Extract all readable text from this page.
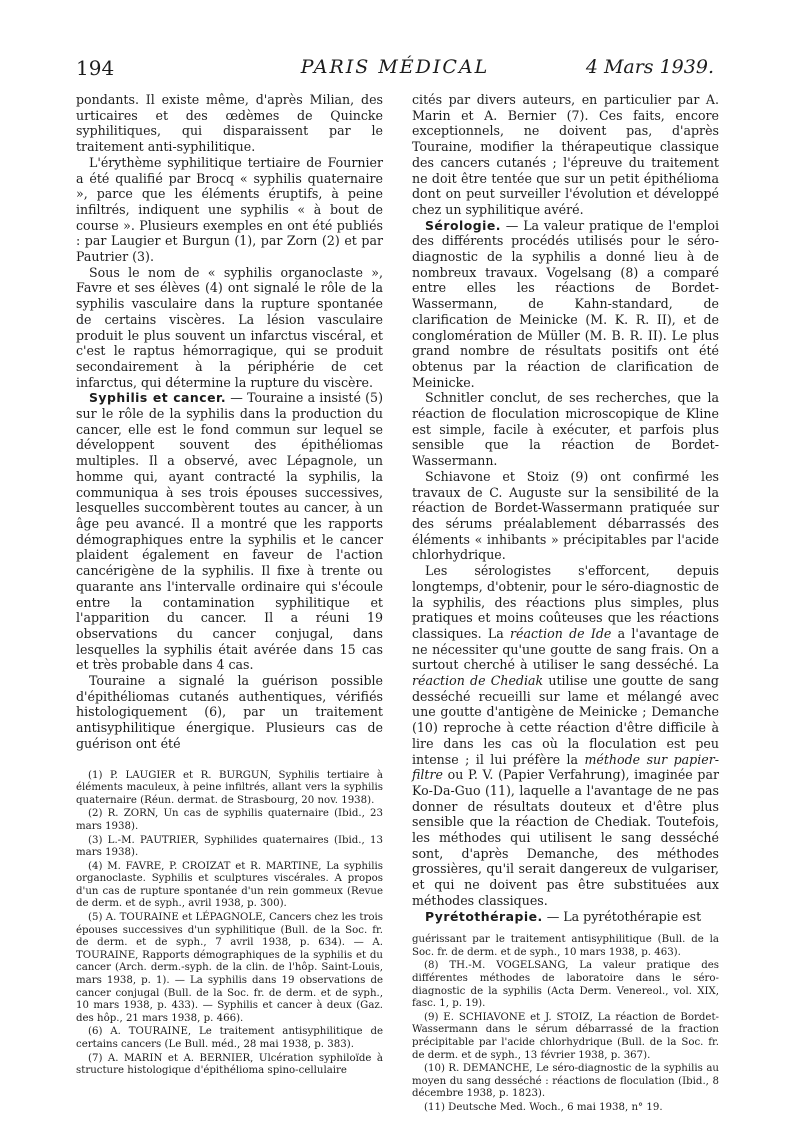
194	PARIS MÉDICAL	4 Mars 1939.

pondants. Il existe même, d'après Milian, des urticaires et des œdèmes de Quincke syphilitiques, qui disparaissent par le traitement anti-syphilitique.

L'érythème syphilitique tertiaire de Fournier a été qualifié par Brocq « syphilis quaternaire », parce que les éléments éruptifs, à peine infiltrés, indiquent une syphilis « à bout de course ». Plusieurs exemples en ont été publiés : par Laugier et Burgun (1), par Zorn (2) et par Pautrier (3).

Sous le nom de « syphilis organoclaste », Favre et ses élèves (4) ont signalé le rôle de la syphilis vasculaire dans la rupture spontanée de certains viscères. La lésion vasculaire produit le plus souvent un infarctus viscéral, et c'est le raptus hémorragique, qui se produit secondairement à la périphérie de cet infarctus, qui détermine la rupture du viscère.

Syphilis et cancer. — Touraine a insisté (5) sur le rôle de la syphilis dans la production du cancer, elle est le fond commun sur lequel se développent souvent des épithéliomas multiples. Il a observé, avec Lépagnole, un homme qui, ayant contracté la syphilis, la communiqua à ses trois épouses successives, lesquelles succombèrent toutes au cancer, à un âge peu avancé. Il a montré que les rapports démographiques entre la syphilis et le cancer plaident également en faveur de l'action cancérigène de la syphilis. Il fixe à trente ou quarante ans l'intervalle ordinaire qui s'écoule entre la contamination syphilitique et l'apparition du cancer. Il a réuni 19 observations du cancer conjugal, dans lesquelles la syphilis était avérée dans 15 cas et très probable dans 4 cas.

Touraine a signalé la guérison possible d'épithéliomas cutanés authentiques, vérifiés histologiquement (6), par un traitement antisyphilitique énergique. Plusieurs cas de guérison ont été

(1) P. LAUGIER et R. BURGUN, Syphilis tertiaire à éléments maculeux, à peine infiltrés, allant vers la syphilis quaternaire (Réun. dermat. de Strasbourg, 20 nov. 1938).

(2) R. ZORN, Un cas de syphilis quaternaire (Ibid., 23 mars 1938).

(3) L.-M. PAUTRIER, Syphilides quaternaires (Ibid., 13 mars 1938).

(4) M. FAVRE, P. CROIZAT et R. MARTINE, La syphilis organoclaste. Syphilis et sculptures viscérales. A propos d'un cas de rupture spontanée d'un rein gommeux (Revue de derm. et de syph., avril 1938, p. 300).

(5) A. TOURAINE et LÉPAGNOLE, Cancers chez les trois épouses successives d'un syphilitique (Bull. de la Soc. fr. de derm. et de syph., 7 avril 1938, p. 634). — A. TOURAINE, Rapports démographiques de la syphilis et du cancer (Arch. derm.-syph. de la clin. de l'hôp. Saint-Louis, mars 1938, p. 1). — La syphilis dans 19 observations de cancer conjugal (Bull. de la Soc. fr. de derm. et de syph., 10 mars 1938, p. 433). — Syphilis et cancer à deux (Gaz. des hôp., 21 mars 1938, p. 466).

(6) A. TOURAINE, Le traitement antisyphilitique de certains cancers (Le Bull. méd., 28 mai 1938, p. 383).

(7) A. MARIN et A. BERNIER, Ulcération syphiloïde à structure histologique d'épithélioma spino-cellulaire

cités par divers auteurs, en particulier par A. Marin et A. Bernier (7). Ces faits, encore exceptionnels, ne doivent pas, d'après Touraine, modifier la thérapeutique classique des cancers cutanés ; l'épreuve du traitement ne doit être tentée que sur un petit épithélioma dont on peut surveiller l'évolution et développé chez un syphilitique avéré.

Sérologie. — La valeur pratique de l'emploi des différents procédés utilisés pour le séro-diagnostic de la syphilis a donné lieu à de nombreux travaux. Vogelsang (8) a comparé entre elles les réactions de Bordet-Wassermann, de Kahn-standard, de clarification de Meinicke (M. K. R. II), et de conglomération de Müller (M. B. R. II). Le plus grand nombre de résultats positifs ont été obtenus par la réaction de clarification de Meinicke.

Schnitler conclut, de ses recherches, que la réaction de floculation microscopique de Kline est simple, facile à exécuter, et parfois plus sensible que la réaction de Bordet-Wassermann.

Schiavone et Stoiz (9) ont confirmé les travaux de C. Auguste sur la sensibilité de la réaction de Bordet-Wassermann pratiquée sur des sérums préalablement débarrassés des éléments « inhibants » précipitables par l'acide chlorhydrique.

Les sérologistes s'efforcent, depuis longtemps, d'obtenir, pour le séro-diagnostic de la syphilis, des réactions plus simples, plus pratiques et moins coûteuses que les réactions classiques. La réaction de Ide a l'avantage de ne nécessiter qu'une goutte de sang frais. On a surtout cherché à utiliser le sang desséché. La réaction de Chediak utilise une goutte de sang desséché recueilli sur lame et mélangé avec une goutte d'antigène de Meinicke ; Demanche (10) reproche à cette réaction d'être difficile à lire dans les cas où la floculation est peu intense ; il lui préfère la méthode sur papier-filtre ou P. V. (Papier Verfahrung), imaginée par Ko-Da-Guo (11), laquelle a l'avantage de ne pas donner de résultats douteux et d'être plus sensible que la réaction de Chediak. Toutefois, les méthodes qui utilisent le sang desséché sont, d'après Demanche, des méthodes grossières, qu'il serait dangereux de vulgariser, et qui ne doivent pas être substituées aux méthodes classiques.

Pyrétothérapie. — La pyrétothérapie est

guérissant par le traitement antisyphilitique (Bull. de la Soc. fr. de derm. et de syph., 10 mars 1938, p. 463).

(8) TH.-M. VOGELSANG, La valeur pratique des différentes méthodes de laboratoire dans le séro-diagnostic de la syphilis (Acta Derm. Venereol., vol. XIX, fasc. 1, p. 19).

(9) E. SCHIAVONE et J. STOIZ, La réaction de Bordet-Wassermann dans le sérum débarrassé de la fraction précipitable par l'acide chlorhydrique (Bull. de la Soc. fr. de derm. et de syph., 13 février 1938, p. 367).

(10) R. DEMANCHE, Le séro-diagnostic de la syphilis au moyen du sang desséché : réactions de floculation (Ibid., 8 décembre 1938, p. 1823).

(11) Deutsche Med. Woch., 6 mai 1938, n° 19.
